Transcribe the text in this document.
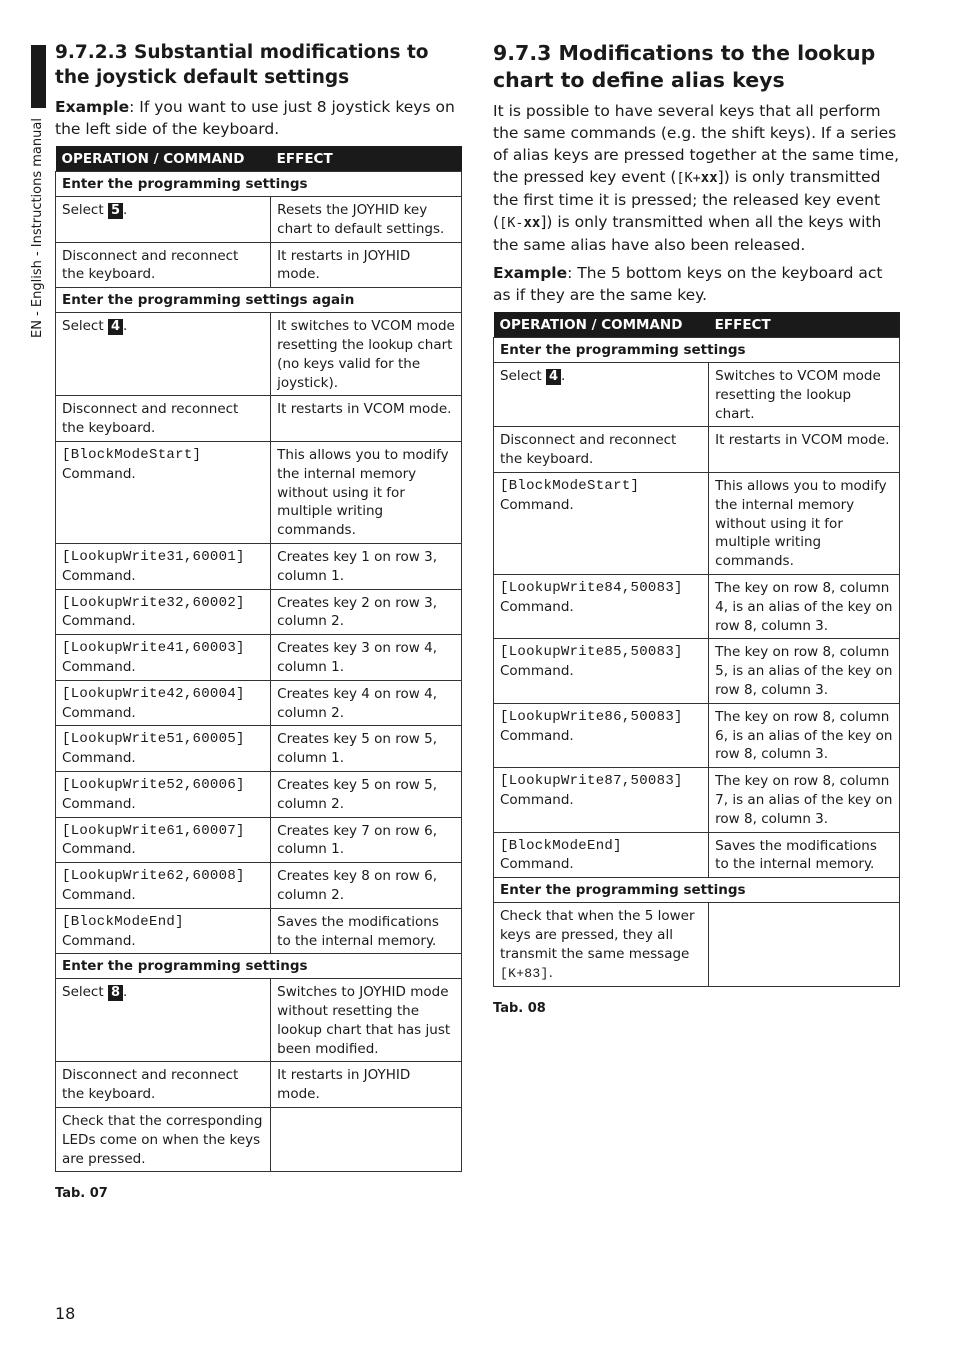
EN - English - Instructions manual
9.7.2.3 Substantial modifications to the joystick default settings

Example: If you want to use just 8 joystick keys on the left side of the keyboard.

OPERATION / COMMAND	EFFECT
Enter the programming settings	
Select 5 .	Resets the JOYHID key chart to default settings.
Disconnect and reconnect the keyboard.	It restarts in JOYHID mode.
Enter the programming settings again	
Select 4 .	It switches to VCOM mode resetting the lookup chart (no keys valid for the joystick).
Disconnect and reconnect the keyboard.	It restarts in VCOM mode.

[BlockModeStart]
Command.	This allows you to modify the internal memory without using it for multiple writing commands.

[LookupWrite31,60001]
Command.	Creates key 1 on row 3, column 1.

[LookupWrite32,60002]
Command.	Creates key 2 on row 3, column 2.

[LookupWrite41,60003]
Command.	Creates key 3 on row 4, column 1.

[LookupWrite42,60004]
Command.	Creates key 4 on row 4, column 2.

[LookupWrite51,60005]
Command.	Creates key 5 on row 5, column 1.

[LookupWrite52,60006]
Command.	Creates key 5 on row 5, column 2.

[LookupWrite61,60007]
Command.	Creates key 7 on row 6, column 1.

[LookupWrite62,60008]
Command.	Creates key 8 on row 6, column 2.

[BlockModeEnd]
Command.	Saves the modifications to the internal memory.
Enter the programming settings	
Select 8 .	Switches to JOYHID mode without resetting the lookup chart that has just been modified.
Disconnect and reconnect the keyboard.	It restarts in JOYHID mode.
Check that the corresponding LEDs come on when the keys are pressed.	
Tab. 07
9.7.3 Modifications to the lookup chart to define alias keys

It is possible to have several keys that all perform the same commands (e.g. the shift keys). If a series of alias keys are pressed together at the same time, the pressed key event ([K+xx]) is only transmitted the first time it is pressed; the released key event ([K-xx]) is only transmitted when all the keys with the same alias have also been released.

Example: The 5 bottom keys on the keyboard act as if they are the same key.

OPERATION / COMMAND	EFFECT
Enter the programming settings	
Select 4 .	Switches to VCOM mode resetting the lookup chart.
Disconnect and reconnect the keyboard.	It restarts in VCOM mode.

[BlockModeStart]
Command.	This allows you to modify the internal memory without using it for multiple writing commands.

[LookupWrite84,50083]
Command.	The key on row 8, column 4, is an alias of the key on row 8, column 3.

[LookupWrite85,50083]
Command.	The key on row 8, column 5, is an alias of the key on row 8, column 3.

[LookupWrite86,50083]
Command.	The key on row 8, column 6, is an alias of the key on row 8, column 3.

[LookupWrite87,50083]
Command.	The key on row 8, column 7, is an alias of the key on row 8, column 3.

[BlockModeEnd]
Command.	Saves the modifications to the internal memory.
Enter the programming settings	
Check that when the 5 lower keys are pressed, they all transmit the same message [K+83].	
Tab. 08
18
